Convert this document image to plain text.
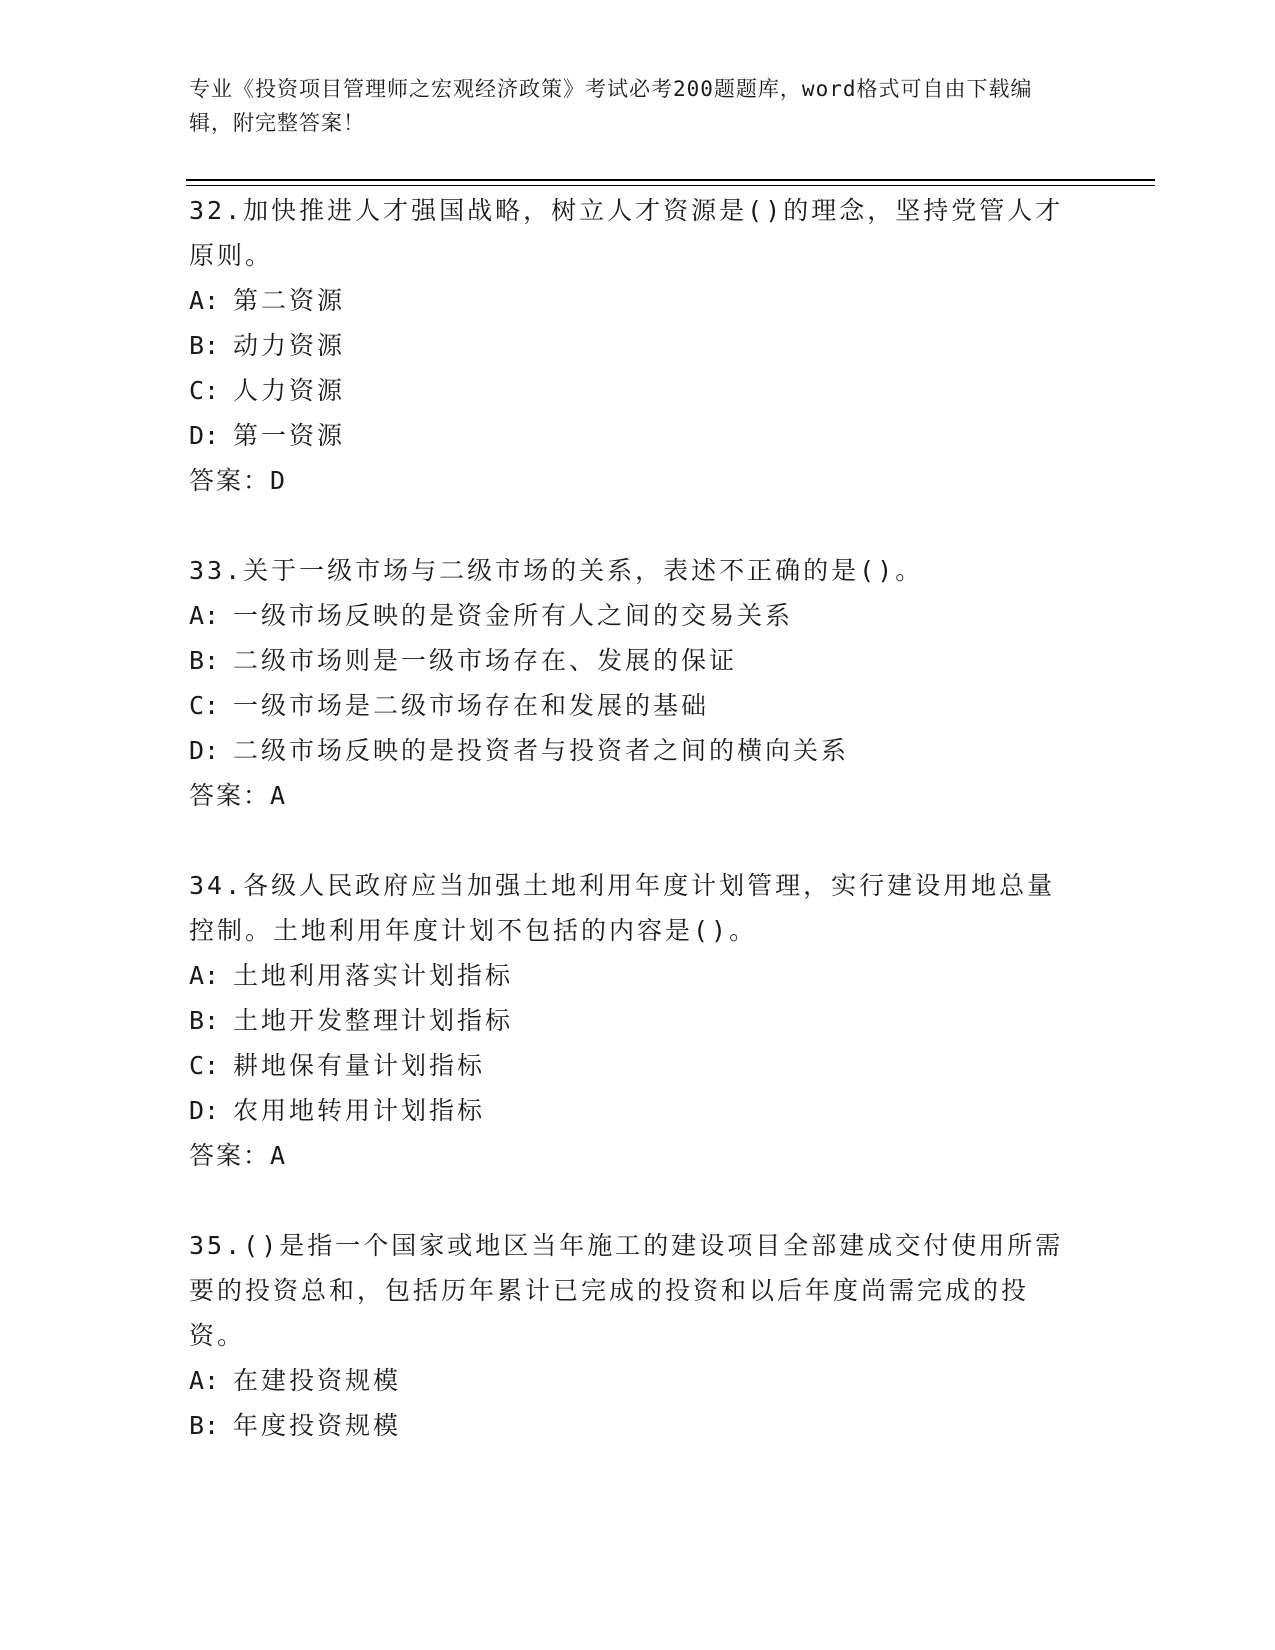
专业《投资项目管理师之宏观经济政策》考试必考200题题库，word格式可自由下载编辑，附完整答案！

32.加快推进人才强国战略，树立人才资源是()的理念，坚持党管人才原则。

A: 第二资源

B: 动力资源

C: 人力资源

D: 第一资源

答案：D

33.关于一级市场与二级市场的关系，表述不正确的是()。

A: 一级市场反映的是资金所有人之间的交易关系

B: 二级市场则是一级市场存在、发展的保证

C: 一级市场是二级市场存在和发展的基础

D: 二级市场反映的是投资者与投资者之间的横向关系

答案：A

34.各级人民政府应当加强土地利用年度计划管理，实行建设用地总量控制。土地利用年度计划不包括的内容是()。

A: 土地利用落实计划指标

B: 土地开发整理计划指标

C: 耕地保有量计划指标

D: 农用地转用计划指标

答案：A

35.()是指一个国家或地区当年施工的建设项目全部建成交付使用所需要的投资总和，包括历年累计已完成的投资和以后年度尚需完成的投资。

A: 在建投资规模

B: 年度投资规模
